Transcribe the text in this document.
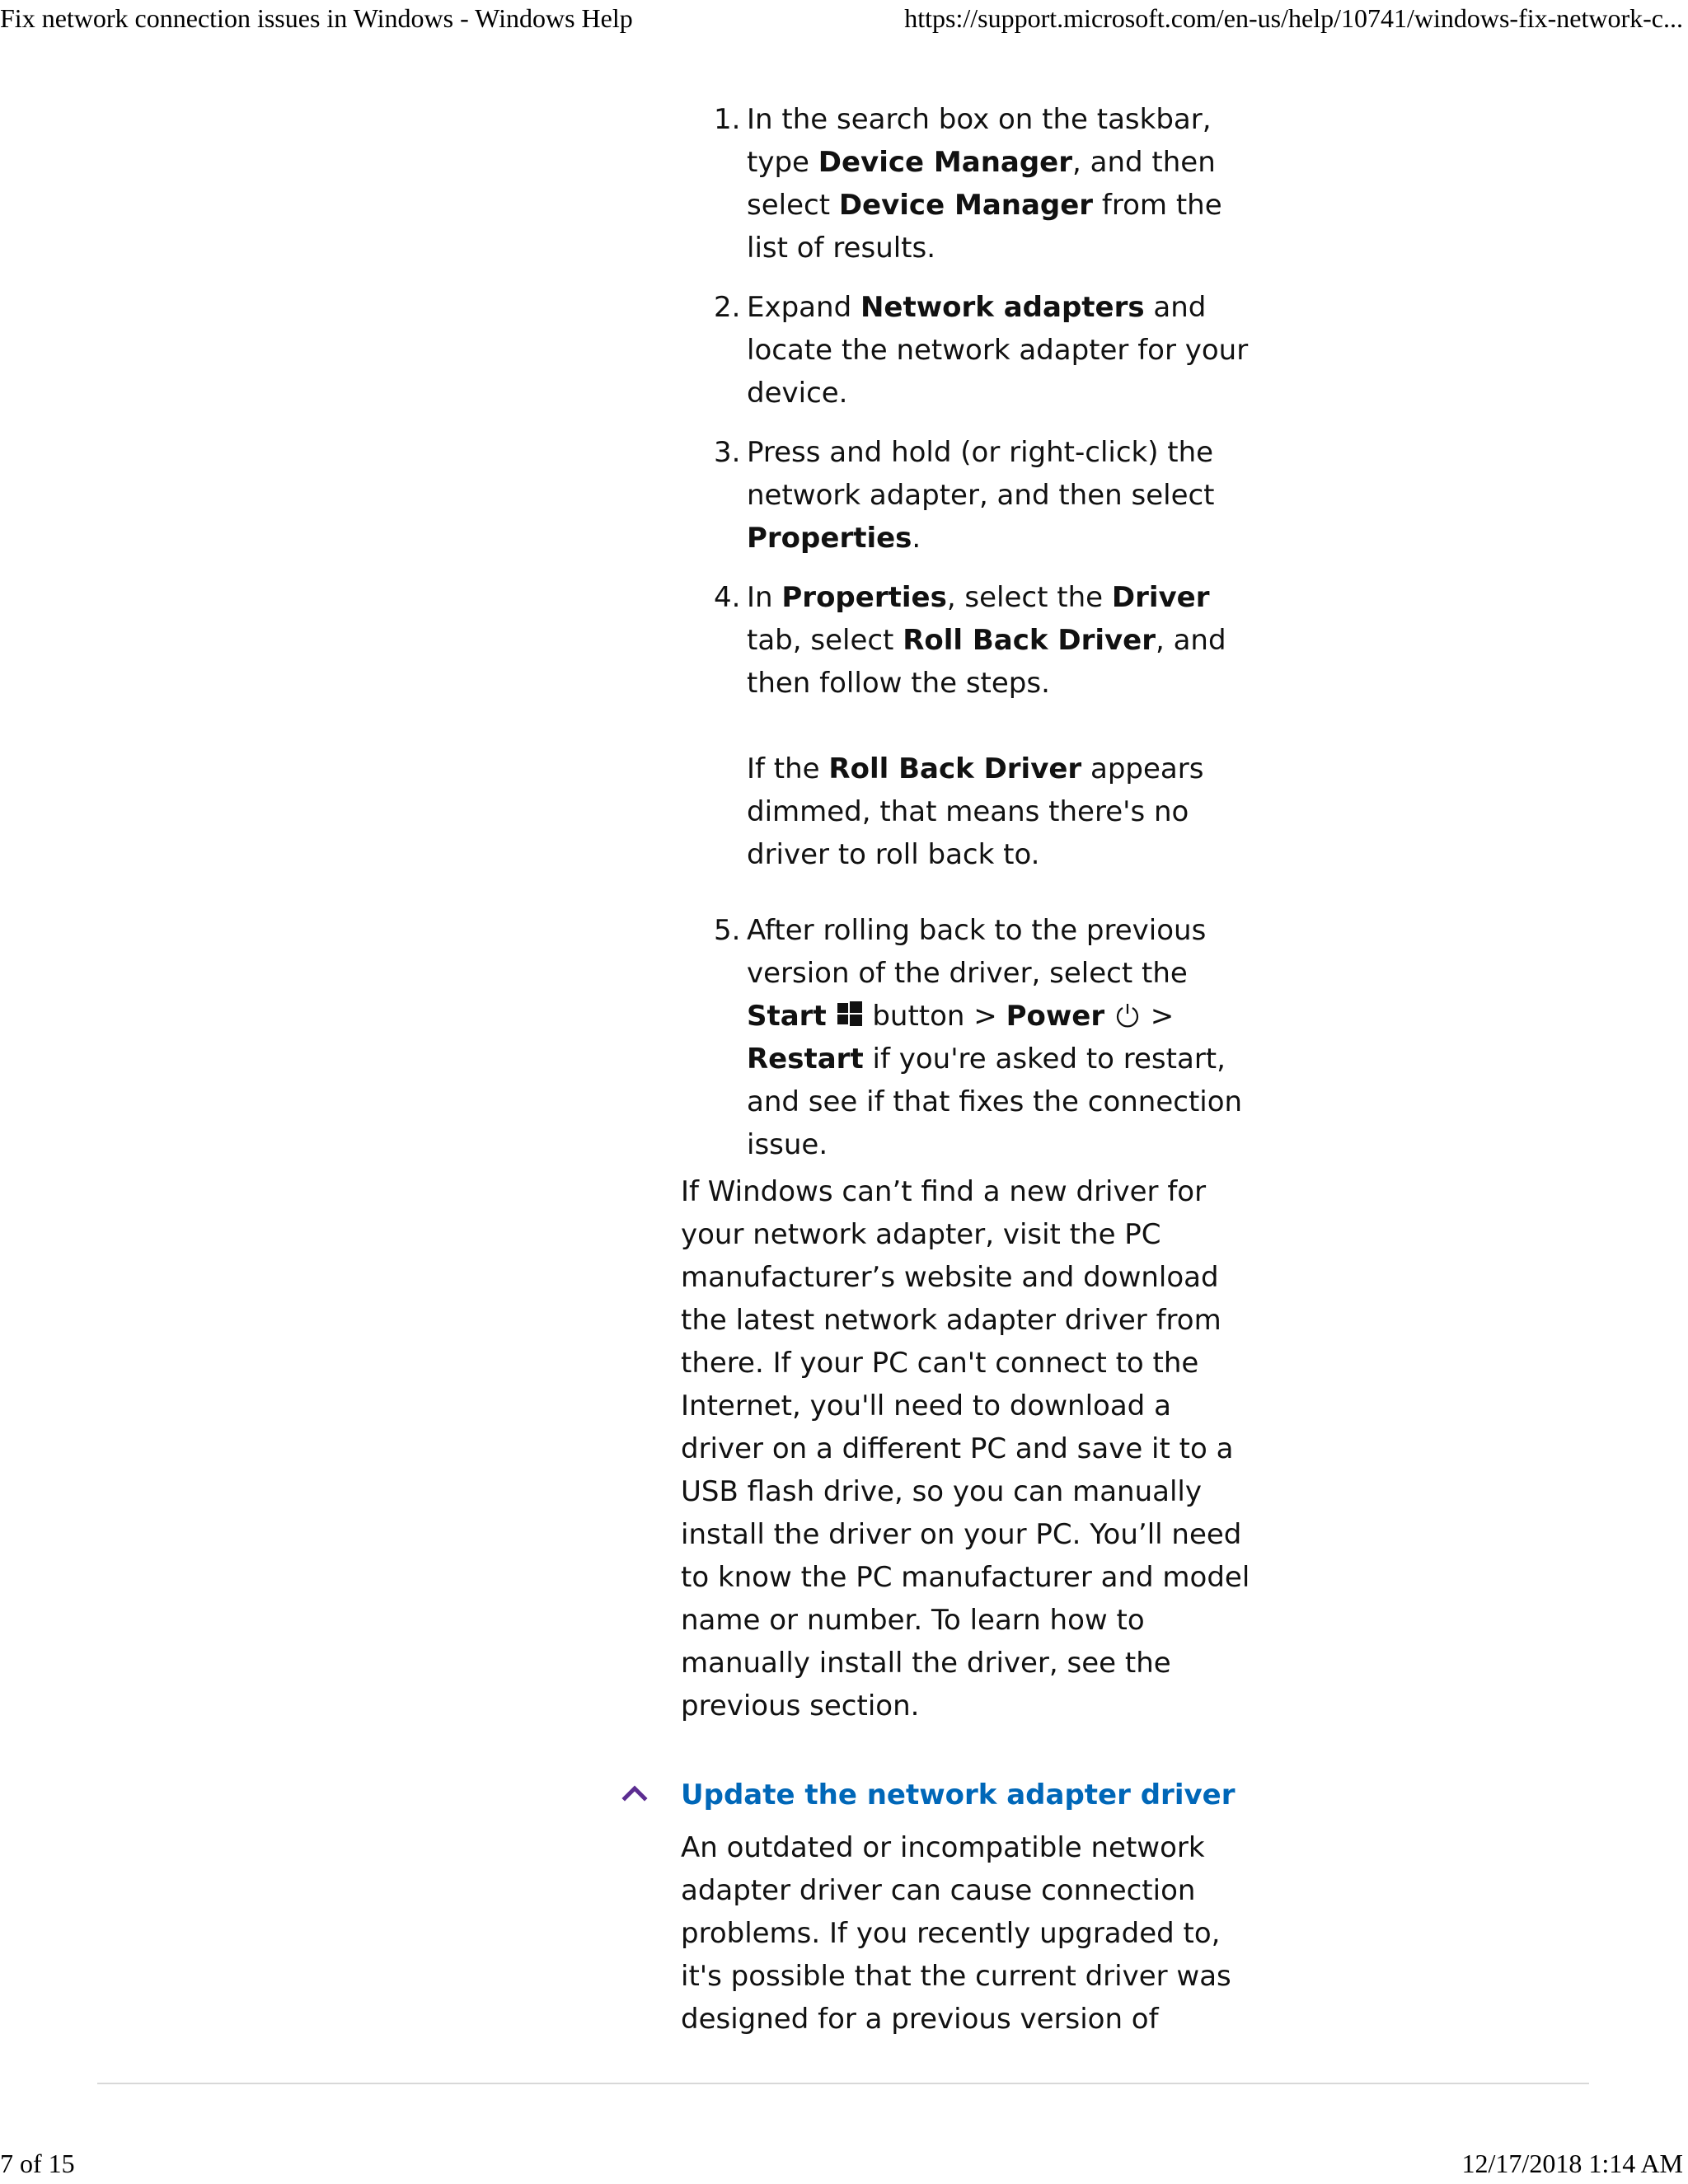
Fix network connection issues in Windows - Windows Help	https://support.microsoft.com/en-us/help/10741/windows-fix-network-c...
1. In the search box on the taskbar, type Device Manager, and then select Device Manager from the list of results.
2. Expand Network adapters and locate the network adapter for your device.
3. Press and hold (or right-click) the network adapter, and then select Properties.
4. In Properties, select the Driver tab, select Roll Back Driver, and then follow the steps.
If the Roll Back Driver appears dimmed, that means there's no driver to roll back to.
5. After rolling back to the previous version of the driver, select the Start  button > Power  > Restart if you're asked to restart, and see if that fixes the connection issue.

If Windows can’t find a new driver for your network adapter, visit the PC manufacturer’s website and download the latest network adapter driver from there. If your PC can't connect to the Internet, you'll need to download a driver on a different PC and save it to a USB flash drive, so you can manually install the driver on your PC. You’ll need to know the PC manufacturer and model name or number. To learn how to manually install the driver, see the previous section.

Update the network adapter driver

An outdated or incompatible network adapter driver can cause connection problems. If you recently upgraded to, it's possible that the current driver was designed for a previous version of

7 of 15	12/17/2018 1:14 AM
